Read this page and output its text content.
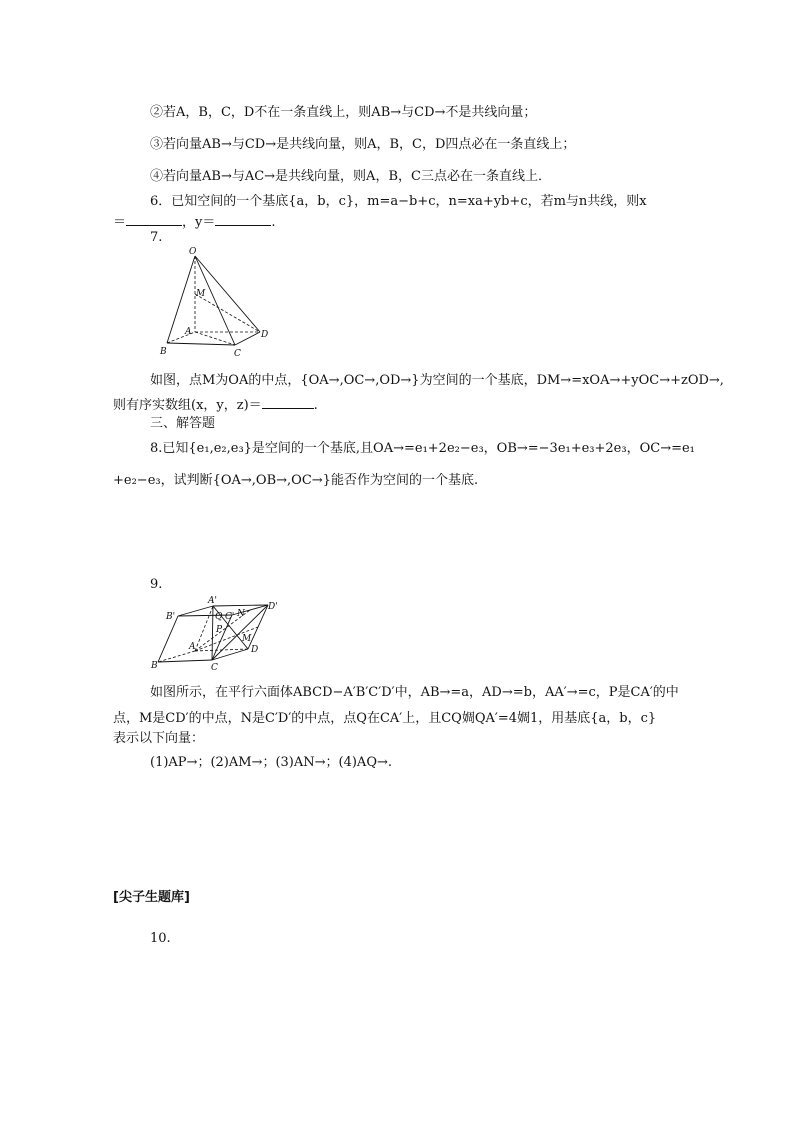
②若A，B，C，D不在一条直线上，则AB→与CD→不是共线向量；
③若向量AB→与CD→是共线向量，则A，B，C，D四点必在一条直线上；
④若向量AB→与AC→是共线向量，则A，B，C三点必在一条直线上．
6．已知空间的一个基底{a，b，c}，m=a−b+c，n=xa+yb+c，若m与n共线，则x
＝	，y＝	.
7.
O
M
A
B	C
D
如图，点M为OA的中点，{OA→,OC→,OD→}为空间的一个基底，DM→=xOA→+yOC→+zOD→,
则有序实数组(x，y，z)＝	.
三、解答题
8.已知{e₁,e₂,e₃}是空间的一个基底,且OA→=e₁+2e₂−e₃，OB→=−3e₁+e₃+2e₃，OC→=e₁
+e₂−e₃，试判断{OA→,OB→,OC→}能否作为空间的一个基底.
9.
A'
B'
D'
Q C' N
P
A
M
D
B	C
如图所示，在平行六面体ABCD−A′B′C′D′中，AB→=a，AD→=b，AA′→=c，P是CA′的中
点，M是CD′的中点，N是C′D′的中点，点Q在CA′上，且CQ婤QA′=4婤1，用基底{a，b，c}
表示以下向量：
(1)AP→；(2)AM→；(3)AN→；(4)AQ→.
[尖子生题库]
10.
